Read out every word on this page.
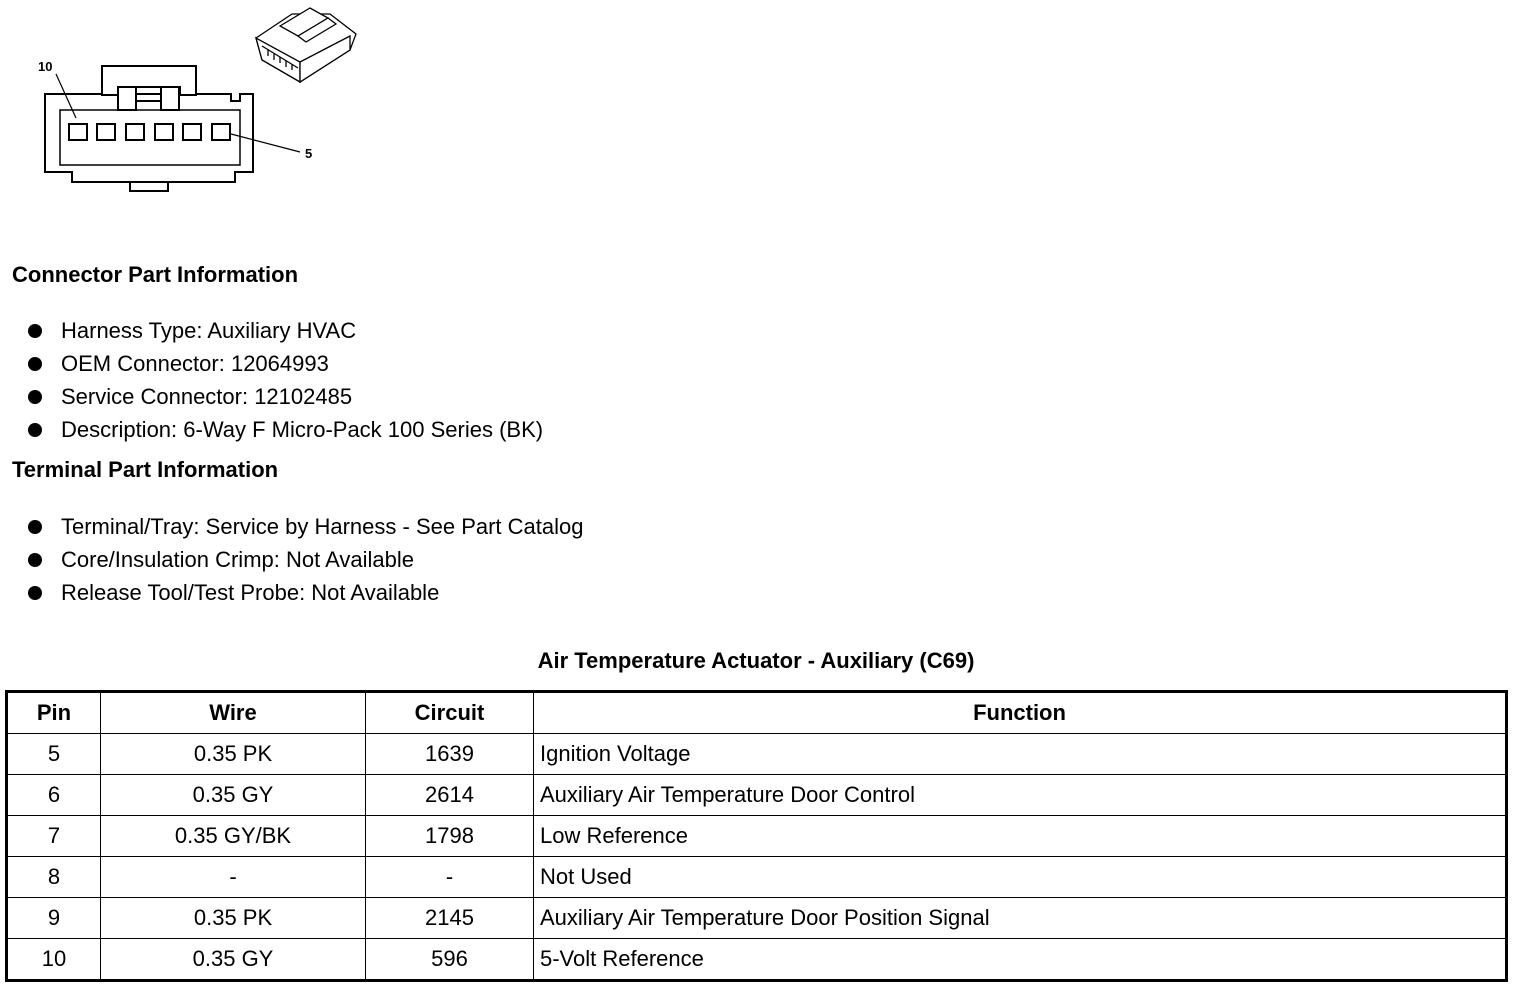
10
5
Connector Part Information
Harness Type: Auxiliary HVAC
OEM Connector: 12064993
Service Connector: 12102485
Description: 6-Way F Micro-Pack 100 Series (BK)
Terminal Part Information
Terminal/Tray: Service by Harness - See Part Catalog
Core/Insulation Crimp: Not Available
Release Tool/Test Probe: Not Available
Air Temperature Actuator - Auxiliary (C69)
Pin	Wire	Circuit	Function
5	0.35 PK	1639	Ignition Voltage
6	0.35 GY	2614	Auxiliary Air Temperature Door Control
7	0.35 GY/BK	1798	Low Reference
8	-	-	Not Used
9	0.35 PK	2145	Auxiliary Air Temperature Door Position Signal
10	0.35 GY	596	5-Volt Reference
